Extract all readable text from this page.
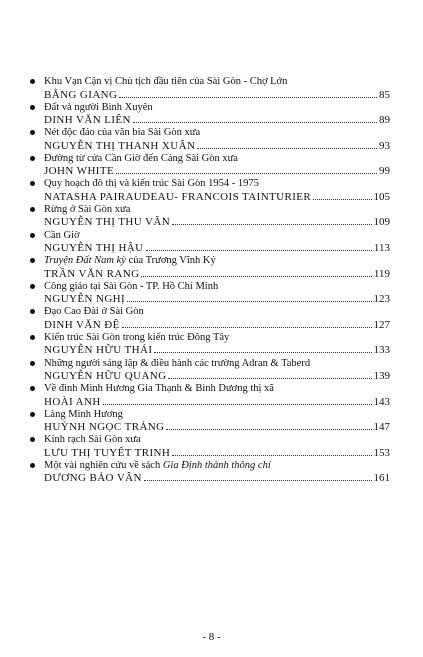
Khu Vạn Cận vị Chủ tịch đầu tiên của Sài Gòn - Chợ Lớn
BẰNG GIANG	85
Đất và người Bình Xuyên
DINH VĂN LIÊN	89
Nét độc đáo của văn bia Sài Gòn xưa
NGUYỄN THỊ THANH XUÂN	93
Đường từ cửa Cần Giờ đến Cảng Sài Gòn xưa
JOHN WHITE	99
Quy hoạch đô thị và kiến trúc Sài Gòn 1954 - 1975
NATASHA PAIRAUDEAU- FRANCOIS TAINTURIER	105
Rừng ở Sài Gòn xưa
NGUYỄN THỊ THU VÂN	109
Cần Giờ
NGUYỄN THỊ HẬU	113
Truyện Đất Nam kỳ của Trương Vĩnh Ký
TRẦN VĂN RANG	119
Công giáo tại Sài Gòn - TP. Hồ Chí Minh
NGUYỄN NGHỊ	123
Đạo Cao Đài ở Sài Gòn
DINH VĂN ĐỆ	127
Kiến trúc Sài Gòn trong kiến trúc Đông Tây
NGUYỄN HỮU THÁI	133
Những người sáng lập & điều hành các trường Adran & Taberd
NGUYỄN HỮU QUANG	139
Về đình Minh Hương Gia Thạnh & Bình Dương thị xã
HOÀI ANH	143
Làng Minh Hương
HUỲNH NGỌC TRẢNG	147
Kinh rạch Sài Gòn xưa
LƯU THỊ TUYẾT TRINH	153
Một vài nghiên cứu về sách Gia Định thành thông chí
DƯƠNG BẢO VÂN	161
- 8 -
